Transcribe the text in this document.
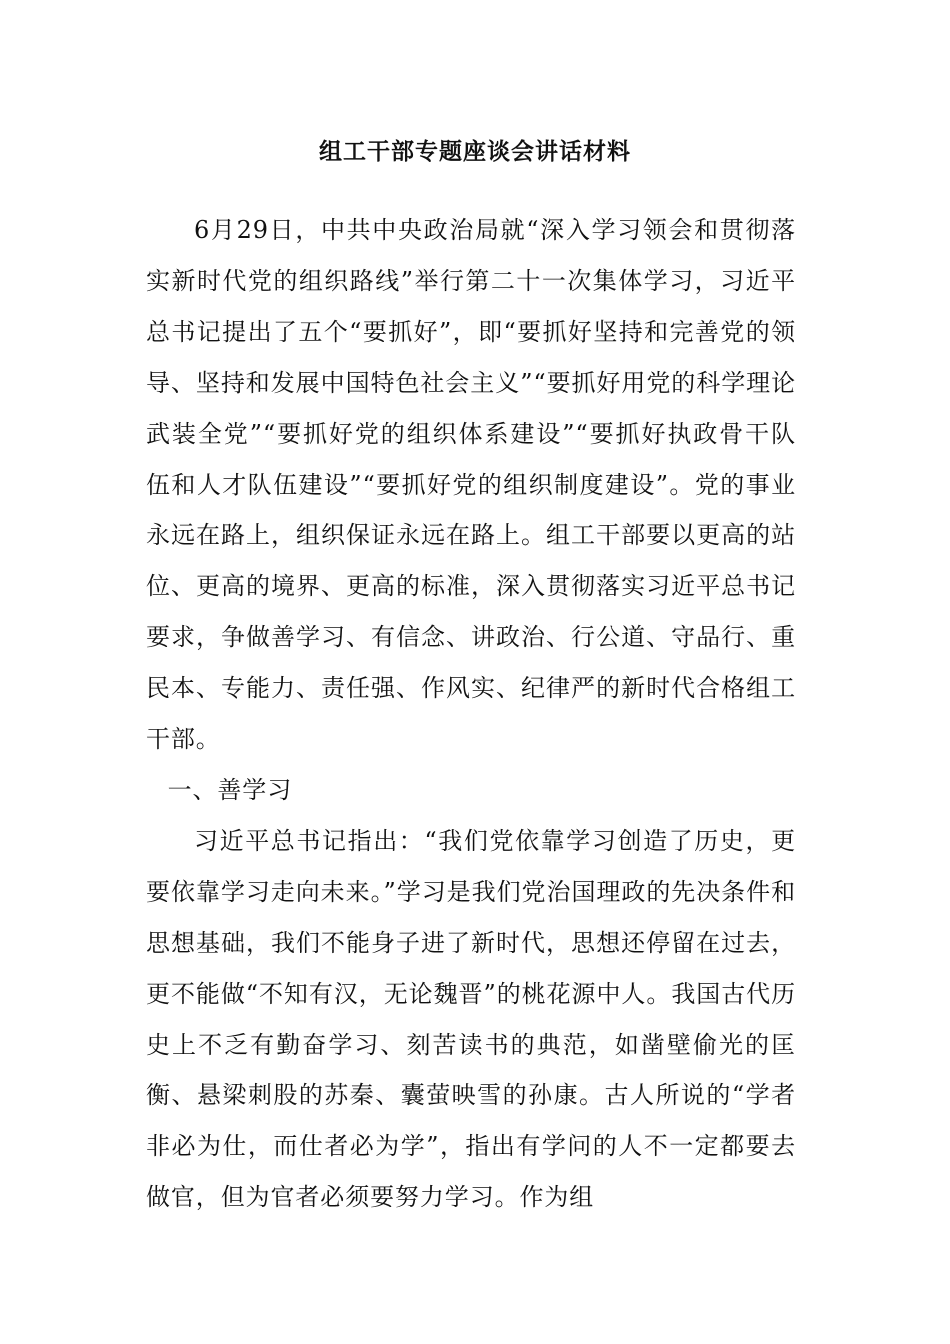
组工干部专题座谈会讲话材料

6月29日，中共中央政治局就“深入学习领会和贯彻落实新时代党的组织路线”举行第二十一次集体学习，习近平总书记提出了五个“要抓好”，即“要抓好坚持和完善党的领导、坚持和发展中国特色社会主义”“要抓好用党的科学理论武装全党”“要抓好党的组织体系建设”“要抓好执政骨干队伍和人才队伍建设”“要抓好党的组织制度建设”。党的事业永远在路上，组织保证永远在路上。组工干部要以更高的站位、更高的境界、更高的标准，深入贯彻落实习近平总书记要求，争做善学习、有信念、讲政治、行公道、守品行、重民本、专能力、责任强、作风实、纪律严的新时代合格组工干部。

一、善学习

习近平总书记指出：“我们党依靠学习创造了历史，更要依靠学习走向未来。”学习是我们党治国理政的先决条件和思想基础，我们不能身子进了新时代，思想还停留在过去，更不能做“不知有汉，无论魏晋”的桃花源中人。我国古代历史上不乏有勤奋学习、刻苦读书的典范，如凿壁偷光的匡衡、悬梁刺股的苏秦、囊萤映雪的孙康。古人所说的“学者非必为仕，而仕者必为学”，指出有学问的人不一定都要去做官，但为官者必须要努力学习。作为组
